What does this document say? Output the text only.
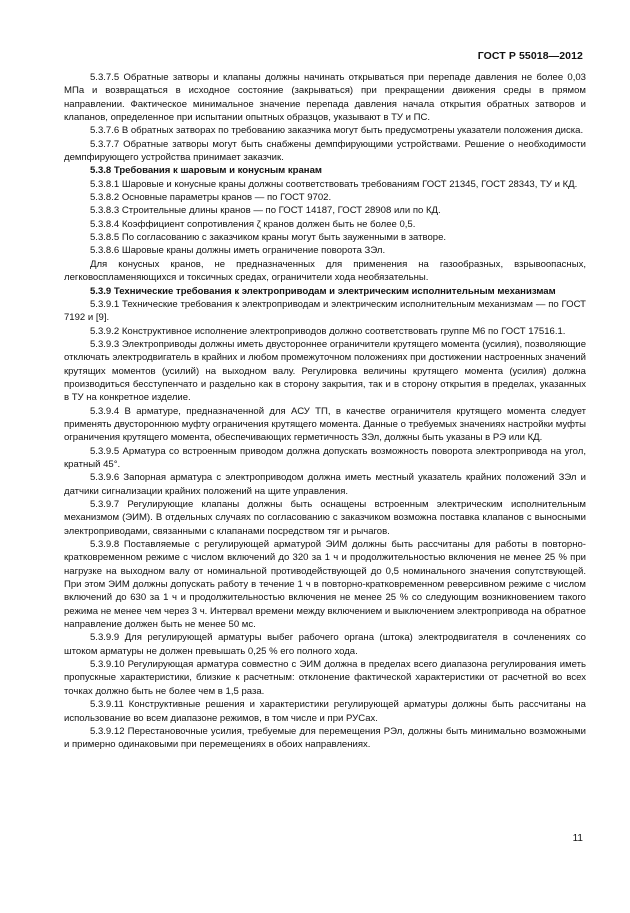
ГОСТ Р 55018—2012

5.3.7.5 Обратные затворы и клапаны должны начинать открываться при перепаде давления не более 0,03 МПа и возвращаться в исходное состояние (закрываться) при прекращении движения среды в прямом направлении. Фактическое минимальное значение перепада давления начала открытия обратных затворов и клапанов, определенное при испытании опытных образцов, указывают в ТУ и ПС.

5.3.7.6 В обратных затворах по требованию заказчика могут быть предусмотрены указатели положения диска.

5.3.7.7 Обратные затворы могут быть снабжены демпфирующими устройствами. Решение о необходимости демпфирующего устройства принимает заказчик.

5.3.8 Требования к шаровым и конусным кранам

5.3.8.1 Шаровые и конусные краны должны соответствовать требованиям ГОСТ 21345, ГОСТ 28343, ТУ и КД.

5.3.8.2 Основные параметры кранов — по ГОСТ 9702.

5.3.8.3 Строительные длины кранов — по ГОСТ 14187, ГОСТ 28908 или по КД.

5.3.8.4 Коэффициент сопротивления ζ кранов должен быть не более 0,5.

5.3.8.5 По согласованию с заказчиком краны могут быть зауженными в затворе.

5.3.8.6 Шаровые краны должны иметь ограничение поворота ЗЭл.

Для конусных кранов, не предназначенных для применения на газообразных, взрывоопасных, легковоспламеняющихся и токсичных средах, ограничители хода необязательны.

5.3.9 Технические требования к электроприводам и электрическим исполнительным механизмам

5.3.9.1 Технические требования к электроприводам и электрическим исполнительным механизмам — по ГОСТ 7192 и [9].

5.3.9.2 Конструктивное исполнение электроприводов должно соответствовать группе М6 по ГОСТ 17516.1.

5.3.9.3 Электроприводы должны иметь двустороннее ограничители крутящего момента (усилия), позволяющие отключать электродвигатель в крайних и любом промежуточном положениях при достижении настроенных значений крутящих моментов (усилий) на выходном валу. Регулировка величины крутящего момента (усилия) должна производиться бесступенчато и раздельно как в сторону закрытия, так и в сторону открытия в пределах, указанных в ТУ на конкретное изделие.

5.3.9.4 В арматуре, предназначенной для АСУ ТП, в качестве ограничителя крутящего момента следует применять двустороннюю муфту ограничения крутящего момента. Данные о требуемых значениях настройки муфты ограничения крутящего момента, обеспечивающих герметичность ЗЭл, должны быть указаны в РЭ или КД.

5.3.9.5 Арматура со встроенным приводом должна допускать возможность поворота электропривода на угол, кратный 45°.

5.3.9.6 Запорная арматура с электроприводом должна иметь местный указатель крайних положений ЗЭл и датчики сигнализации крайних положений на щите управления.

5.3.9.7 Регулирующие клапаны должны быть оснащены встроенным электрическим исполнительным механизмом (ЭИМ). В отдельных случаях по согласованию с заказчиком возможна поставка клапанов с выносными электроприводами, связанными с клапанами посредством тяг и рычагов.

5.3.9.8 Поставляемые с регулирующей арматурой ЭИМ должны быть рассчитаны для работы в повторно-кратковременном режиме с числом включений до 320 за 1 ч и продолжительностью включения не менее 25 % при нагрузке на выходном валу от номинальной противодействующей до 0,5 номинального значения сопутствующей. При этом ЭИМ должны допускать работу в течение 1 ч в повторно-кратковременном реверсивном режиме с числом включений до 630 за 1 ч и продолжительностью включения не менее 25 % со следующим возникновением такого режима не менее чем через 3 ч. Интервал времени между включением и выключением электропривода на обратное направление должен быть не менее 50 мс.

5.3.9.9 Для регулирующей арматуры выбег рабочего органа (штока) электродвигателя в сочленениях со штоком арматуры не должен превышать 0,25 % его полного хода.

5.3.9.10 Регулирующая арматура совместно с ЭИМ должна в пределах всего диапазона регулирования иметь пропускные характеристики, близкие к расчетным: отклонение фактической характеристики от расчетной во всех точках должно быть не более чем в 1,5 раза.

5.3.9.11 Конструктивные решения и характеристики регулирующей арматуры должны быть рассчитаны на использование во всем диапазоне режимов, в том числе и при РУСах.

5.3.9.12 Перестановочные усилия, требуемые для перемещения РЭл, должны быть минимально возможными и примерно одинаковыми при перемещениях в обоих направлениях.

11
